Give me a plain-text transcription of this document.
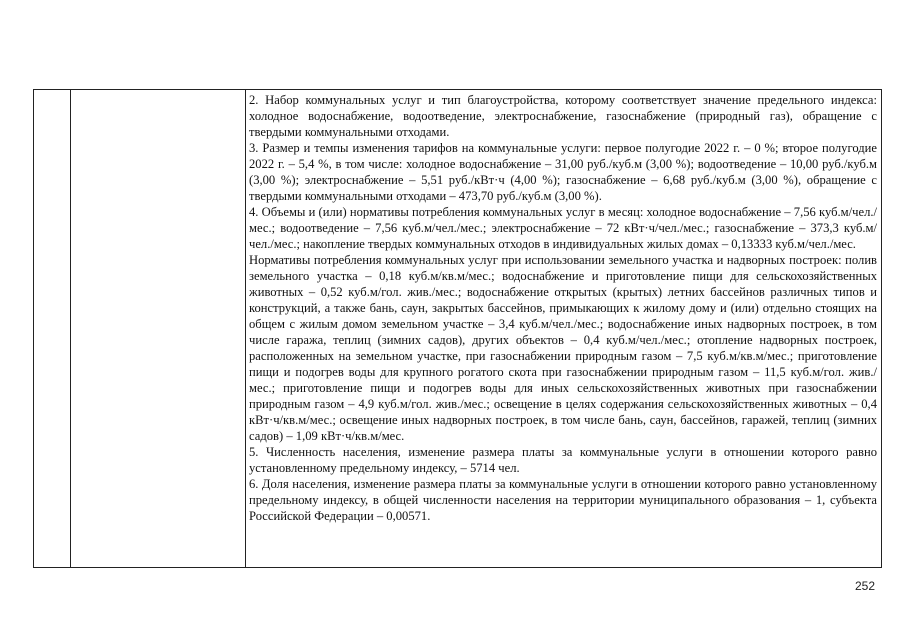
2. Набор коммунальных услуг и тип благоустройства, которому соответствует значение предельного индекса: холодное водоснабжение, водоотведение, электроснабжение, газоснабжение (природный газ), обращение с твердыми коммунальными отходами.

3. Размер и темпы изменения тарифов на коммунальные услуги: первое полугодие 2022 г. – 0 %; второе полугодие 2022 г. – 5,4 %, в том числе: холодное водоснабжение – 31,00 руб./куб.м (3,00 %); водоотведение – 10,00 руб./куб.м (3,00 %); электроснабжение – 5,51 руб./кВт·ч (4,00 %); газоснабжение – 6,68 руб./куб.м (3,00 %), обращение с твердыми коммунальными отходами – 473,70 руб./куб.м (3,00 %).

4. Объемы и (или) нормативы потребления коммунальных услуг в месяц: холодное водоснабжение – 7,56 куб.м/чел./мес.; водоотведение – 7,56 куб.м/чел./мес.; электроснабжение – 72 кВт·ч/чел./мес.; газоснабжение – 373,3 куб.м/чел./мес.; накопление твердых коммунальных отходов в индивидуальных жилых домах – 0,13333 куб.м/чел./мес.

Нормативы потребления коммунальных услуг при использовании земельного участка и надворных построек: полив земельного участка – 0,18 куб.м/кв.м/мес.; водоснабжение и приготовление пищи для сельскохозяйственных животных – 0,52 куб.м/гол. жив./мес.; водоснабжение открытых (крытых) летних бассейнов различных типов и конструкций, а также бань, саун, закрытых бассейнов, примыкающих к жилому дому и (или) отдельно стоящих на общем с жилым домом земельном участке – 3,4 куб.м/чел./мес.; водоснабжение иных надворных построек, в том числе гаража, теплиц (зимних садов), других объектов – 0,4 куб.м/чел./мес.; отопление надворных построек, расположенных на земельном участке, при газоснабжении природным газом – 7,5 куб.м/кв.м/мес.; приготовление пищи и подогрев воды для крупного рогатого скота при газоснабжении природным газом – 11,5 куб.м/гол. жив./мес.; приготовление пищи и подогрев воды для иных сельскохозяйственных животных при газоснабжении природным газом – 4,9 куб.м/гол. жив./мес.; освещение в целях содержания сельскохозяйственных животных – 0,4 кВт·ч/кв.м/мес.; освещение иных надворных построек, в том числе бань, саун, бассейнов, гаражей, теплиц (зимних садов) – 1,09 кВт·ч/кв.м/мес.

5. Численность населения, изменение размера платы за коммунальные услуги в отношении которого равно установленному предельному индексу, – 5714 чел.

6. Доля населения, изменение размера платы за коммунальные услуги в отношении которого равно установленному предельному индексу, в общей численности населения на территории муниципального образования – 1, субъекта Российской Федерации – 0,00571.

252
